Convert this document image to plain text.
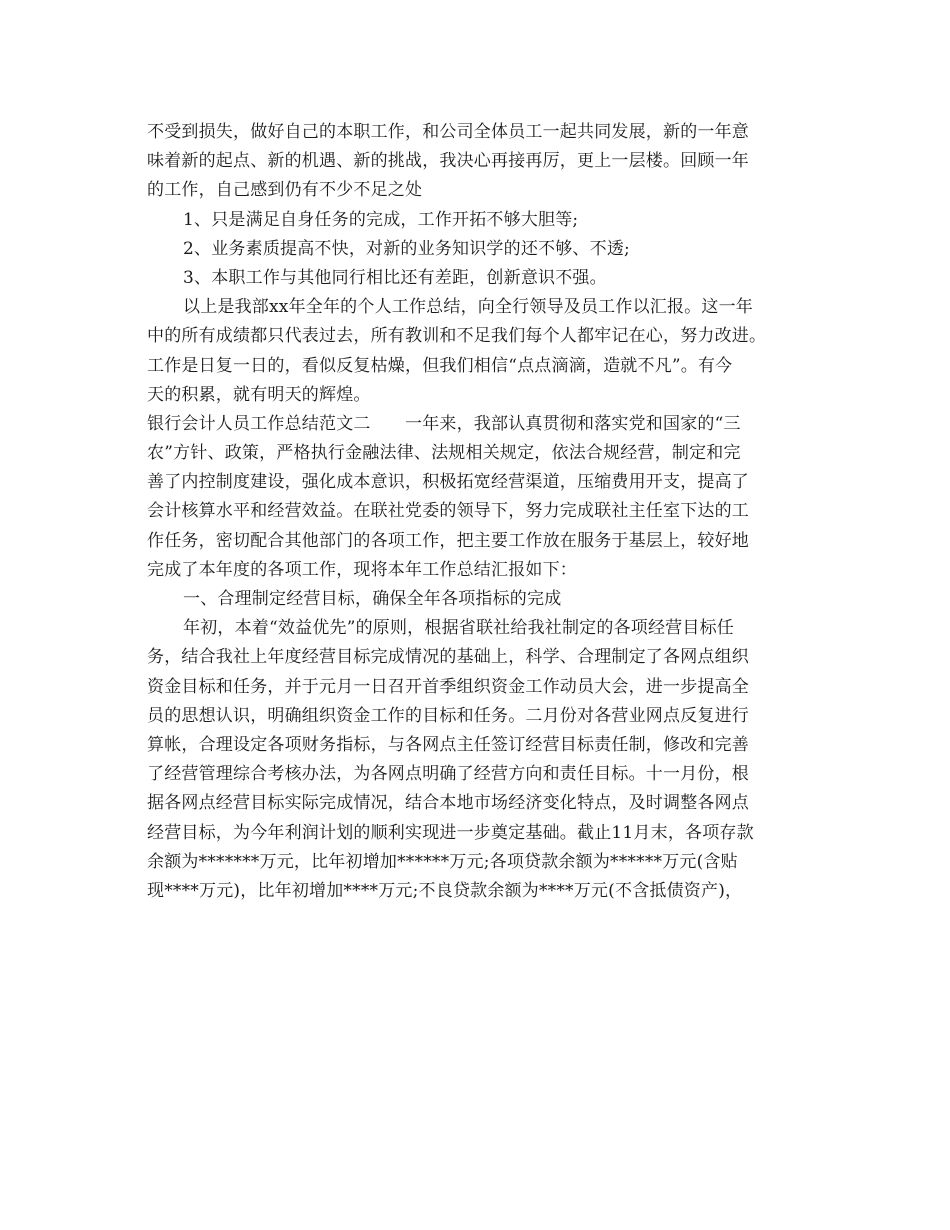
不受到损失，做好自己的本职工作，和公司全体员工一起共同发展，新的一年意
味着新的起点、新的机遇、新的挑战，我决心再接再厉，更上一层楼。回顾一年
的工作，自己感到仍有不少不足之处
1、只是满足自身任务的完成，工作开拓不够大胆等;
2、业务素质提高不快，对新的业务知识学的还不够、不透;
3、本职工作与其他同行相比还有差距，创新意识不强。
以上是我部xx年全年的个人工作总结，向全行领导及员工作以汇报。这一年
中的所有成绩都只代表过去，所有教训和不足我们每个人都牢记在心，努力改进。
工作是日复一日的，看似反复枯燥，但我们相信“点点滴滴，造就不凡”。有今
天的积累，就有明天的辉煌。
银行会计人员工作总结范文二　　一年来，我部认真贯彻和落实党和国家的“三
农”方针、政策，严格执行金融法律、法规相关规定，依法合规经营，制定和完
善了内控制度建设，强化成本意识，积极拓宽经营渠道，压缩费用开支，提高了
会计核算水平和经营效益。在联社党委的领导下，努力完成联社主任室下达的工
作任务，密切配合其他部门的各项工作，把主要工作放在服务于基层上，较好地
完成了本年度的各项工作，现将本年工作总结汇报如下：
一、合理制定经营目标，确保全年各项指标的完成
年初，本着“效益优先”的原则，根据省联社给我社制定的各项经营目标任
务，结合我社上年度经营目标完成情况的基础上，科学、合理制定了各网点组织
资金目标和任务，并于元月一日召开首季组织资金工作动员大会，进一步提高全
员的思想认识，明确组织资金工作的目标和任务。二月份对各营业网点反复进行
算帐，合理设定各项财务指标，与各网点主任签订经营目标责任制，修改和完善
了经营管理综合考核办法，为各网点明确了经营方向和责任目标。十一月份，根
据各网点经营目标实际完成情况，结合本地市场经济变化特点，及时调整各网点
经营目标，为今年利润计划的顺利实现进一步奠定基础。截止11月末，各项存款
余额为*******万元，比年初增加******万元;各项贷款余额为******万元(含贴
现****万元)，比年初增加****万元;不良贷款余额为****万元(不含抵债资产)，
